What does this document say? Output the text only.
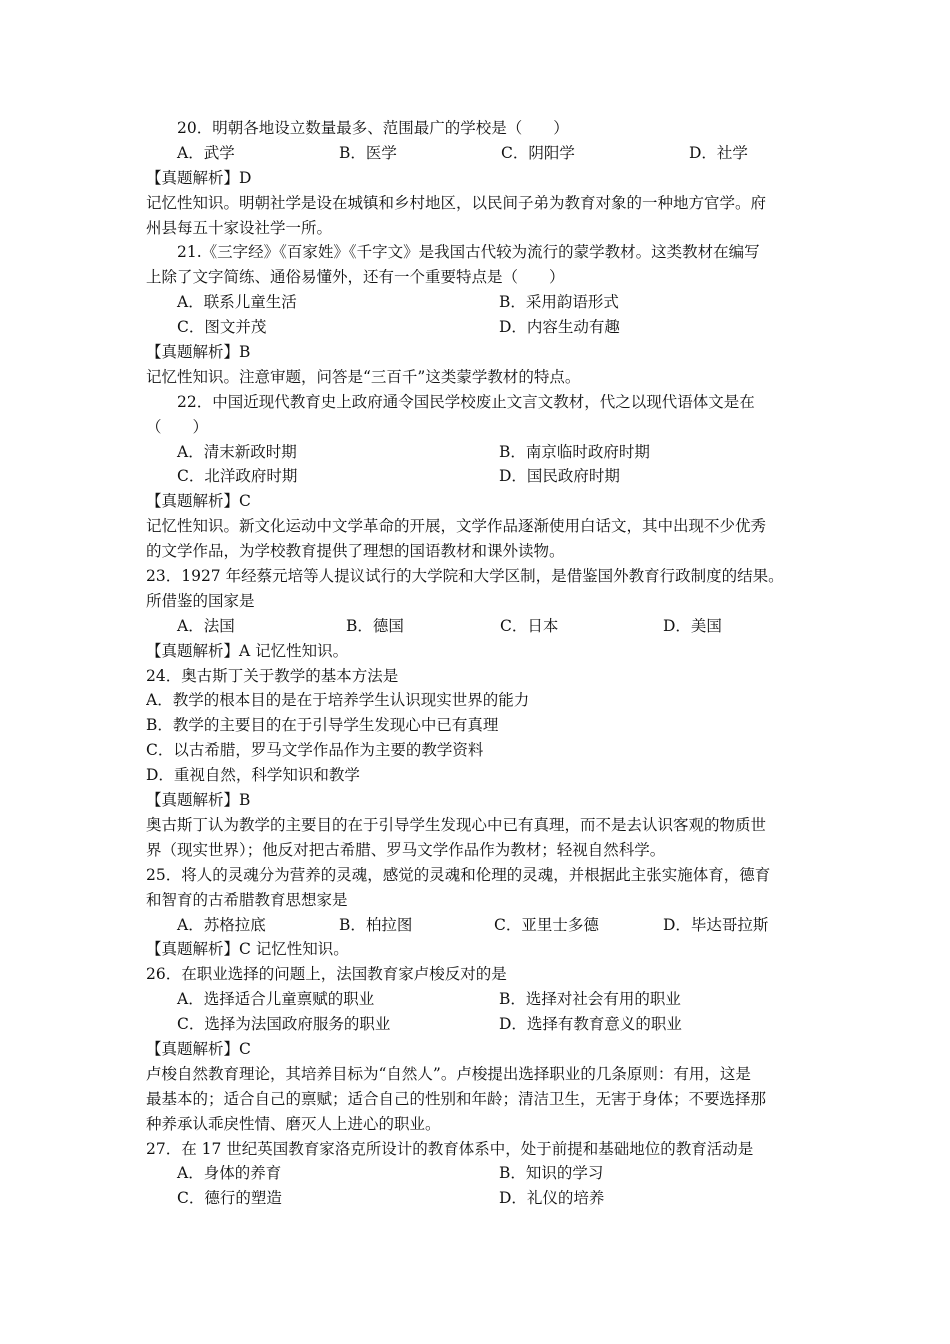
20．明朝各地设立数量最多、范围最广的学校是（　　）
A．武学	B．医学	C．阴阳学	D．社学
【真题解析】D
记忆性知识。明朝社学是设在城镇和乡村地区，以民间子弟为教育对象的一种地方官学。府
州县每五十家设社学一所。
21.《三字经》《百家姓》《千字文》是我国古代较为流行的蒙学教材。这类教材在编写
上除了文字简练、通俗易懂外，还有一个重要特点是（　　）
A．联系儿童生活	B．采用韵语形式
C．图文并茂	D．内容生动有趣
【真题解析】B
记忆性知识。注意审题，问答是“三百千”这类蒙学教材的特点。
22．中国近现代教育史上政府通令国民学校废止文言文教材，代之以现代语体文是在
（　　）
A．清末新政时期	B．南京临时政府时期
C．北洋政府时期	D．国民政府时期
【真题解析】C
记忆性知识。新文化运动中文学革命的开展，文学作品逐渐使用白话文，其中出现不少优秀
的文学作品，为学校教育提供了理想的国语教材和课外读物。
23．1927 年经蔡元培等人提议试行的大学院和大学区制，是借鉴国外教育行政制度的结果。
所借鉴的国家是
A．法国	B．德国	C．日本	D．美国
【真题解析】A 记忆性知识。
24．奥古斯丁关于教学的基本方法是
A．教学的根本目的是在于培养学生认识现实世界的能力
B．教学的主要目的在于引导学生发现心中已有真理
C．以古希腊，罗马文学作品作为主要的教学资料
D．重视自然，科学知识和教学
【真题解析】B
奥古斯丁认为教学的主要目的在于引导学生发现心中已有真理，而不是去认识客观的物质世
界（现实世界）；他反对把古希腊、罗马文学作品作为教材；轻视自然科学。
25．将人的灵魂分为营养的灵魂，感觉的灵魂和伦理的灵魂，并根据此主张实施体育，德育
和智育的古希腊教育思想家是
A．苏格拉底	B．柏拉图	C．亚里士多德	D．毕达哥拉斯
【真题解析】C 记忆性知识。
26．在职业选择的问题上，法国教育家卢梭反对的是
A．选择适合儿童禀赋的职业	B．选择对社会有用的职业
C．选择为法国政府服务的职业	D．选择有教育意义的职业
【真题解析】C
卢梭自然教育理论，其培养目标为“自然人”。卢梭提出选择职业的几条原则：有用，这是
最基本的；适合自己的禀赋；适合自己的性别和年龄；清洁卫生，无害于身体；不要选择那
种养承认乖戾性情、磨灭人上进心的职业。
27．在 17 世纪英国教育家洛克所设计的教育体系中，处于前提和基础地位的教育活动是
A．身体的养育	B．知识的学习
C．德行的塑造	D．礼仪的培养
